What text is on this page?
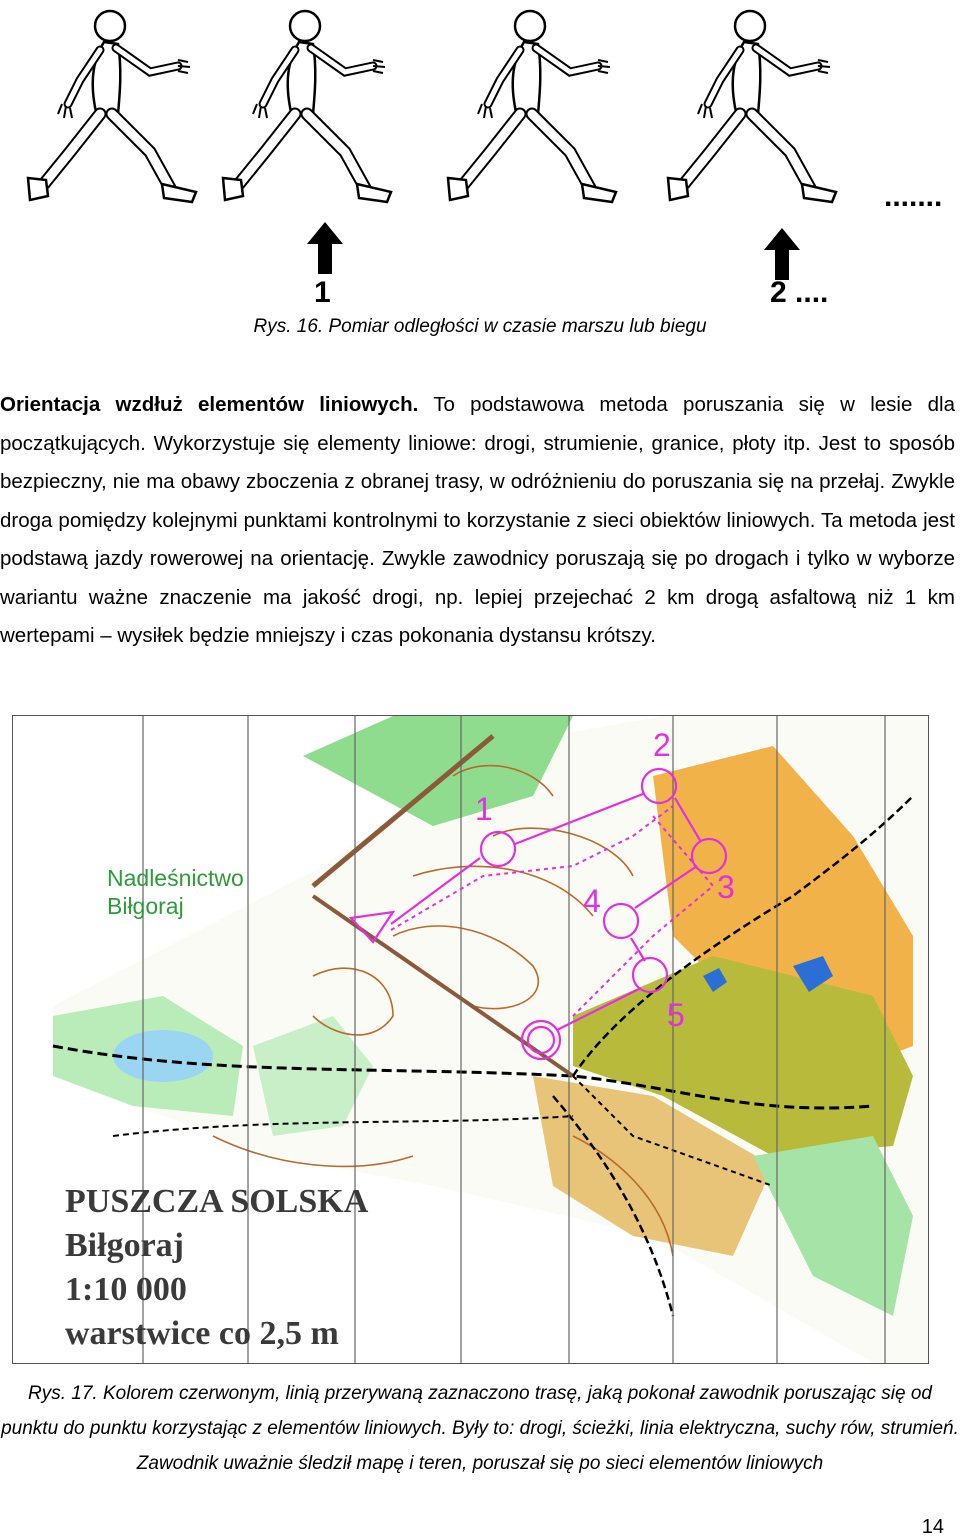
1	2 ....
.......
Rys. 16. Pomiar odległości w czasie marszu lub biegu
Orientacja wzdłuż elementów liniowych. To podstawowa metoda poruszania się w lesie dla początkujących. Wykorzystuje się elementy liniowe: drogi, strumienie, granice, płoty itp. Jest to sposób bezpieczny, nie ma obawy zboczenia z obranej trasy, w odróżnieniu do poruszania się na przełaj. Zwykle droga pomiędzy kolejnymi punktami kontrolnymi to korzystanie z sieci obiektów liniowych. Ta metoda jest podstawą jazdy rowerowej na orientację. Zwykle zawodnicy poruszają się po drogach i tylko w wyborze wariantu ważne znaczenie ma jakość drogi, np. lepiej przejechać 2 km drogą asfaltową niż 1 km wertepami – wysiłek będzie mniejszy i czas pokonania dystansu krótszy.
Nadleśnictwo
Biłgoraj
1
2
3
4
5
PUSZCZA SOLSKA
Biłgoraj
1:10 000
warstwice co 2,5 m
Rys. 17. Kolorem czerwonym, linią przerywaną zaznaczono trasę, jaką pokonał zawodnik poruszając się od punktu do punktu korzystając z elementów liniowych. Były to: drogi, ścieżki, linia elektryczna, suchy rów, strumień. Zawodnik uważnie śledził mapę i teren, poruszał się po sieci elementów liniowych
14
